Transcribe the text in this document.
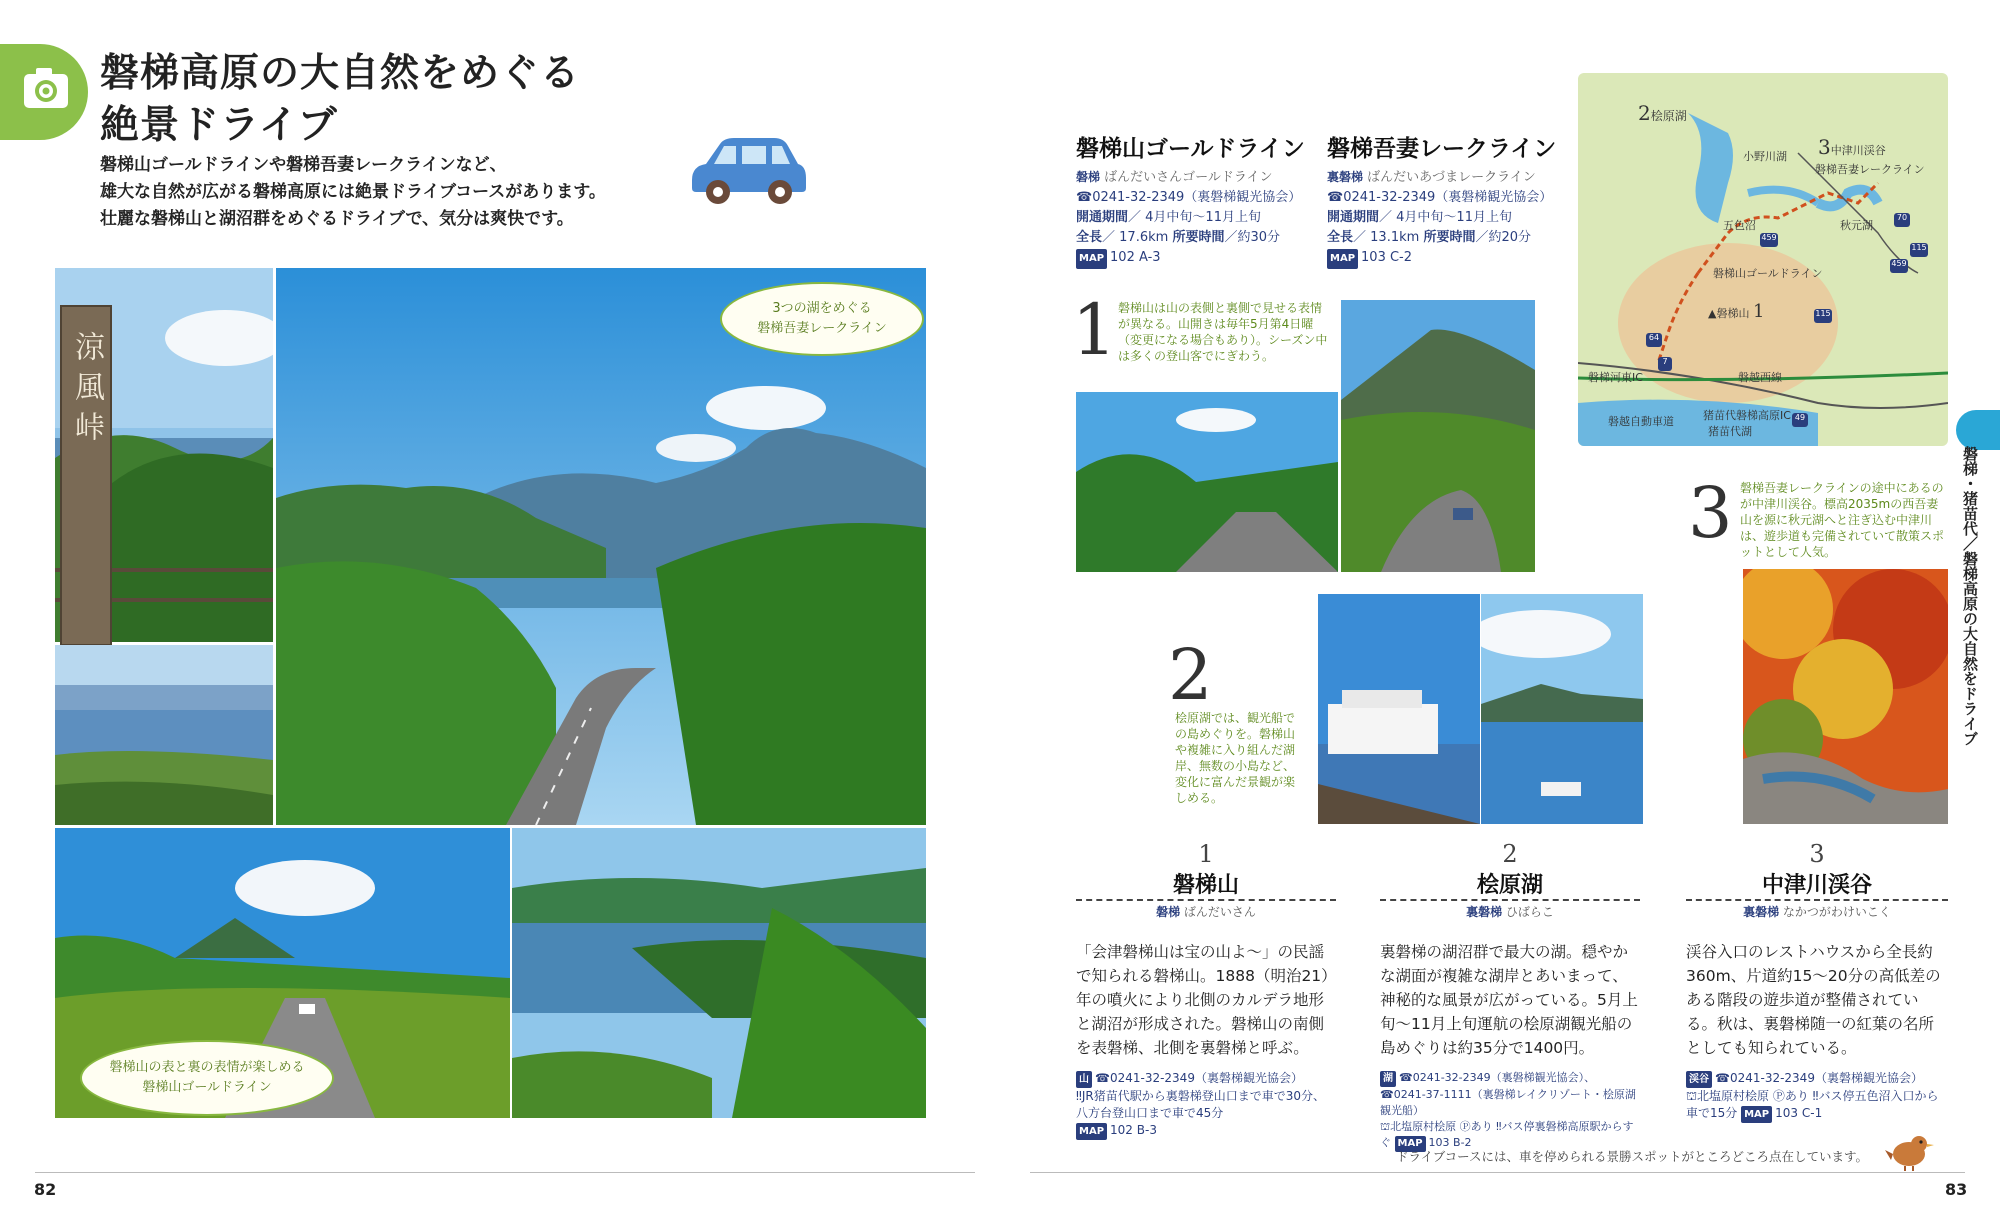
磐梯高原の大自然をめぐる
絶景ドライブ
磐梯山ゴールドラインや磐梯吾妻レークラインなど、
雄大な自然が広がる磐梯高原には絶景ドライブコースがあります。
壮麗な磐梯山と湖沼群をめぐるドライブで、気分は爽快です。
涼風峠
3つの湖をめぐる
磐梯吾妻レークライン
磐梯山の表と裏の表情が楽しめる
磐梯山ゴールドライン
82
磐梯山ゴールドライン
磐梯 ばんだいさんゴールドライン
☎0241-32-2349（裏磐梯観光協会）
開通期間／ 4月中旬〜11月上旬
全長／ 17.6km 所要時間／約30分
MAP 102 A-3
磐梯吾妻レークライン
裏磐梯 ばんだいあづまレークライン
☎0241-32-2349（裏磐梯観光協会）
開通期間／ 4月中旬〜11月上旬
全長／ 13.1km 所要時間／約20分
MAP 103 C-2
2桧原湖
小野川湖 3中津川渓谷
磐梯吾妻レークライン
五色沼	秋元湖
磐梯山ゴールドライン
▲磐梯山 1
磐梯河東IC	磐越西線
磐越自動車道	猪苗代磐梯高原IC
猪苗代湖
459
70
115
459
115
64
7
49
1 磐梯山は山の表側と裏側で見せる表情が異なる。山開きは毎年5月第4日曜（変更になる場合もあり）。シーズン中は多くの登山客でにぎわう。
2
桧原湖では、観光船での島めぐりを。磐梯山や複雑に入り組んだ湖岸、無数の小島など、変化に富んだ景観が楽しめる。
3 磐梯吾妻レークラインの途中にあるのが中津川渓谷。標高2035mの西吾妻山を源に秋元湖へと注ぎ込む中津川は、遊歩道も完備されていて散策スポットとして人気。	磐梯・猪苗代／磐梯高原の大自然をドライブ
1
磐梯山
磐梯 ばんだいさん
「会津磐梯山は宝の山よ〜」の民謡で知られる磐梯山。1888（明治21）年の噴火により北側のカルデラ地形と湖沼が形成された。磐梯山の南側を表磐梯、北側を裏磐梯と呼ぶ。
山 ☎0241-32-2349（裏磐梯観光協会）
‼JR猪苗代駅から裏磐梯登山口まで車で30分、八方台登山口まで車で45分
MAP 102 B-3
2
桧原湖
裏磐梯 ひばらこ
裏磐梯の湖沼群で最大の湖。穏やかな湖面が複雑な湖岸とあいまって、神秘的な風景が広がっている。5月上旬〜11月上旬運航の桧原湖観光船の島めぐりは約35分で1400円。
湖 ☎0241-32-2349（裏磐梯観光協会）、☎0241-37-1111（裏磐梯レイクリゾート・桧原湖観光船）
⛫北塩原村桧原 Ⓟあり ‼バス停裏磐梯高原駅からすぐ MAP 103 B-2
3
中津川渓谷
裏磐梯 なかつがわけいこく
渓谷入口のレストハウスから全長約360m、片道約15〜20分の高低差のある階段の遊歩道が整備されている。秋は、裏磐梯随一の紅葉の名所としても知られている。
渓谷 ☎0241-32-2349（裏磐梯観光協会）
⛫北塩原村桧原 Ⓟあり ‼バス停五色沼入口から車で15分 MAP 103 C-1
ドライブコースには、車を停められる景勝スポットがところどころ点在しています。
83
